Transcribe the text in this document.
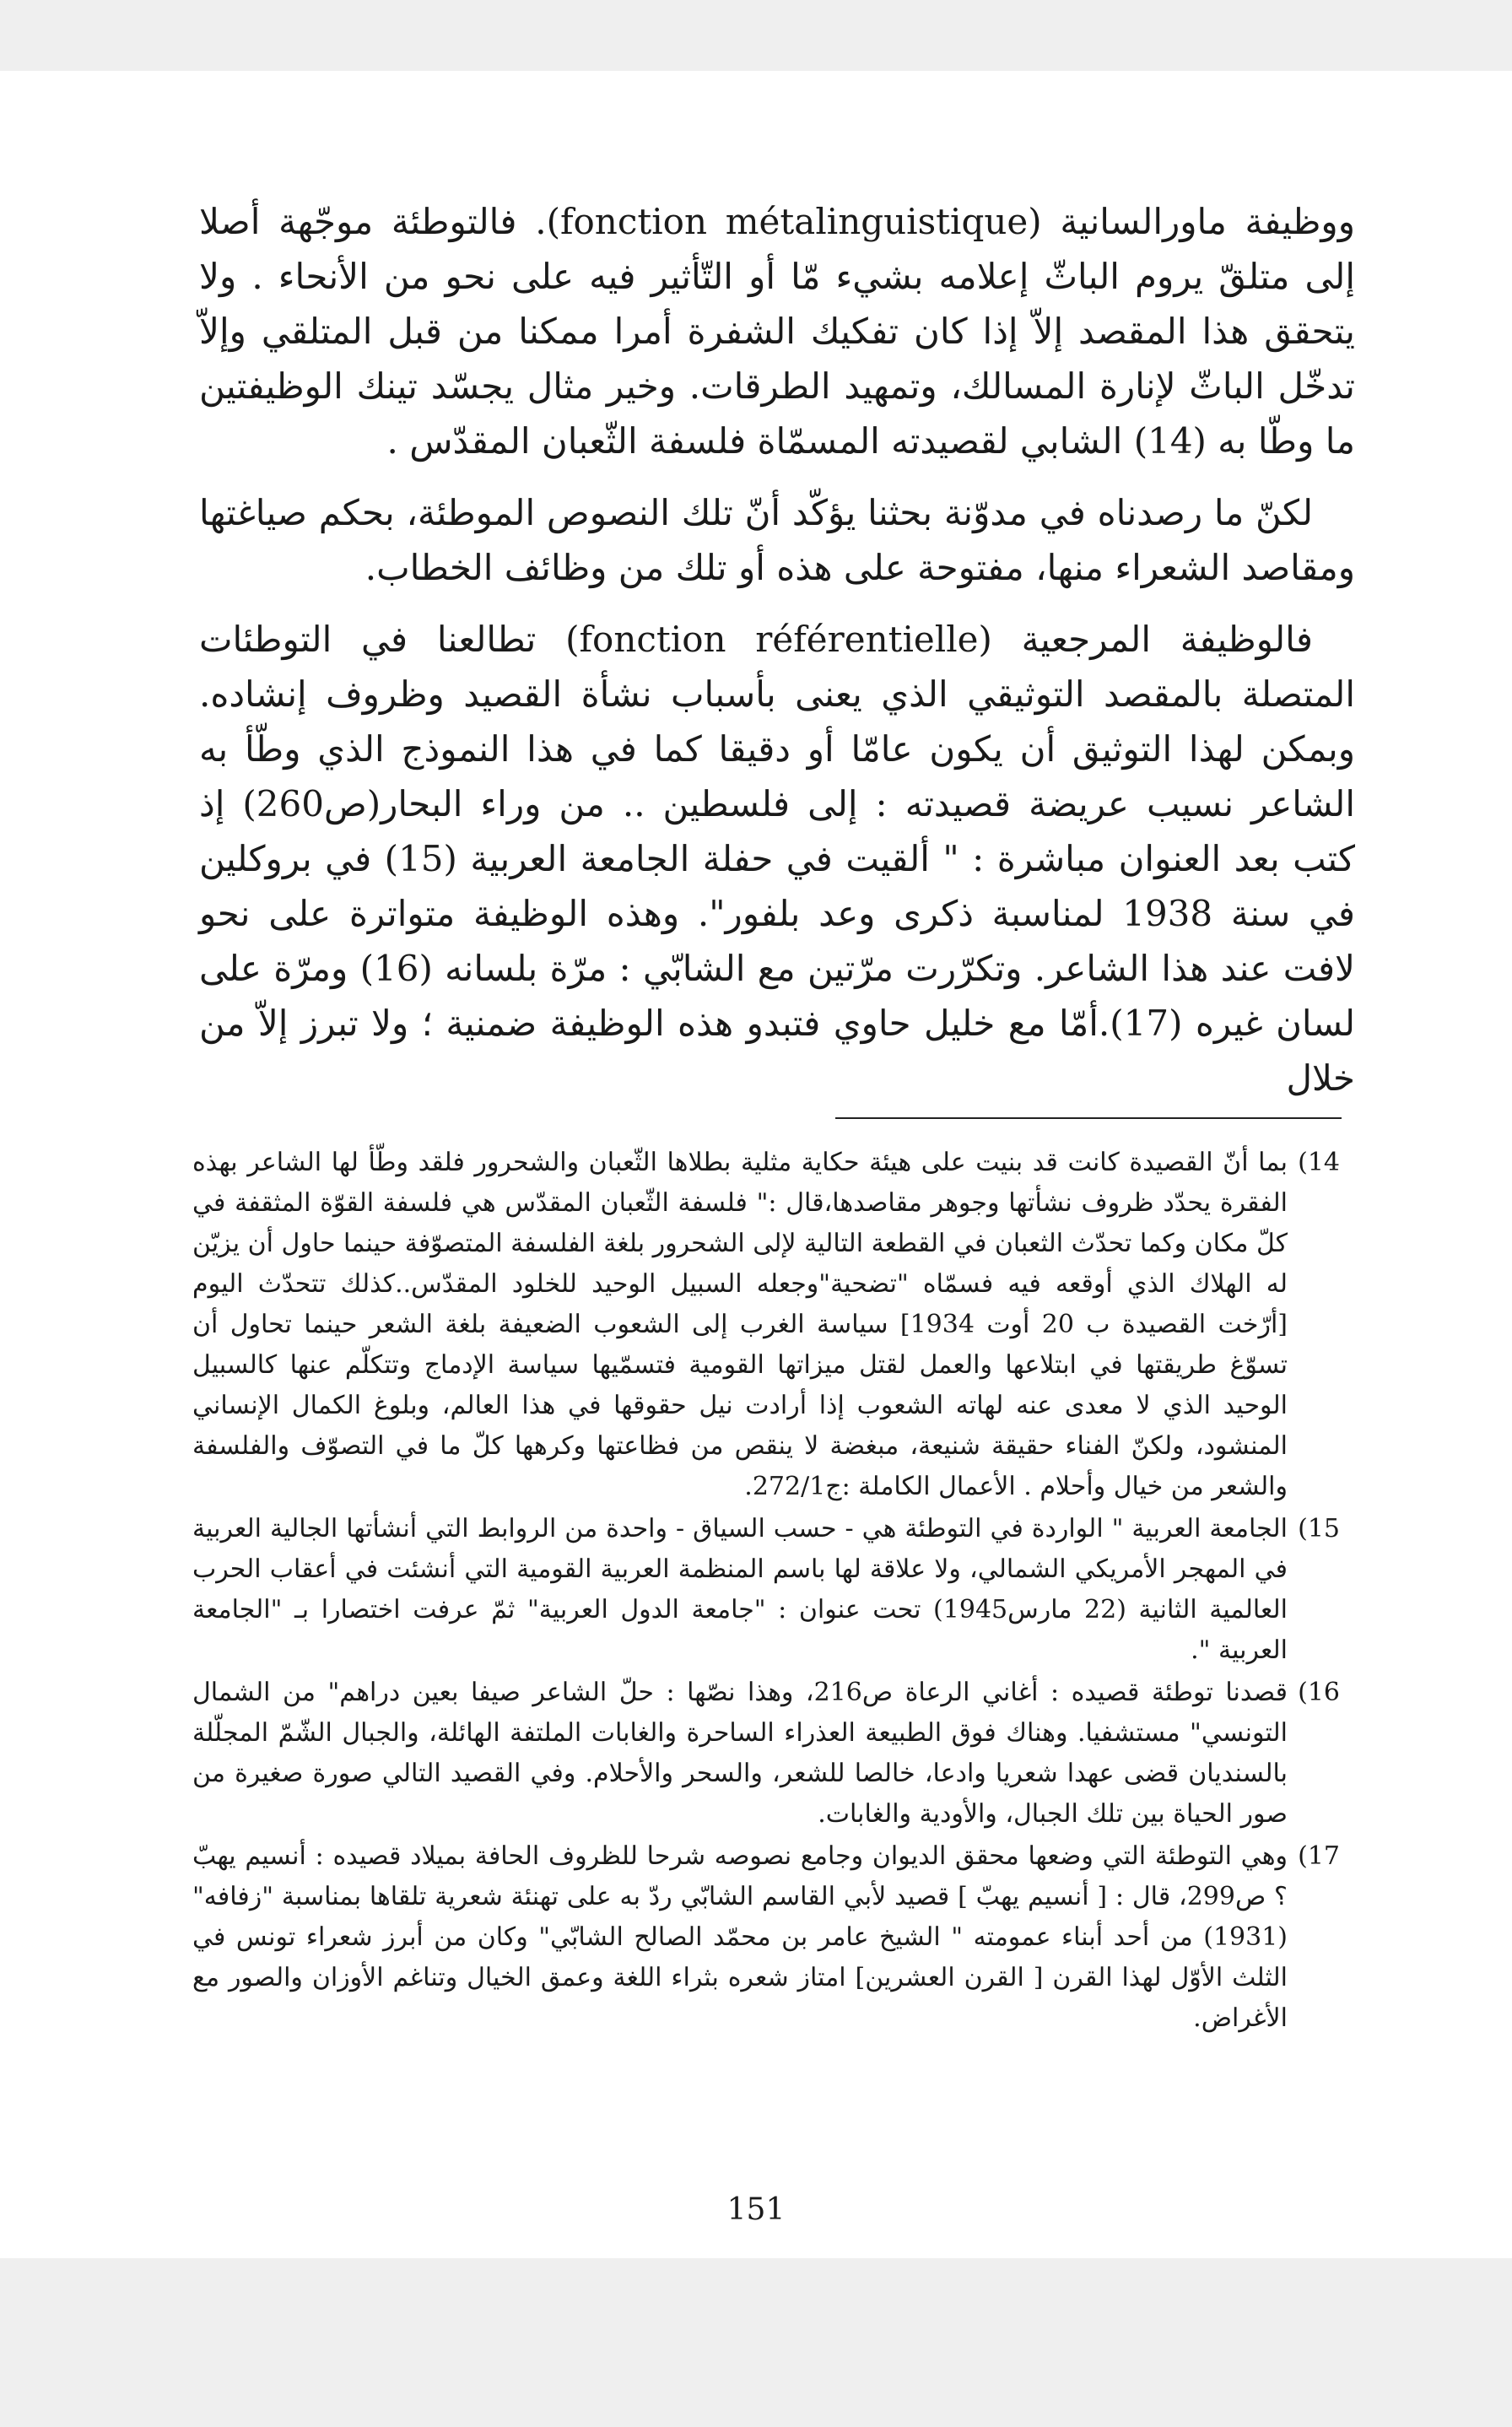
ووظيفة ماورالسانية (fonction métalinguistique). فالتوطئة موجّهة أصلا إلى متلقّ يروم الباثّ إعلامه بشيء مّا أو التّأثير فيه على نحو من الأنحاء . ولا يتحقق هذا المقصد إلاّ إذا كان تفكيك الشفرة أمرا ممكنا من قبل المتلقي وإلاّ تدخّل الباثّ لإنارة المسالك، وتمهيد الطرقات. وخير مثال يجسّد تينك الوظيفتين ما وطّا به (14) الشابي لقصيدته المسمّاة فلسفة الثّعبان المقدّس .

لكنّ ما رصدناه في مدوّنة بحثنا يؤكّد أنّ تلك النصوص الموطئة، بحكم صياغتها ومقاصد الشعراء منها، مفتوحة على هذه أو تلك من وظائف الخطاب.

فالوظيفة المرجعية (fonction référentielle) تطالعنا في التوطئات المتصلة بالمقصد التوثيقي الذي يعنى بأسباب نشأة القصيد وظروف إنشاده. وبمكن لهذا التوثيق أن يكون عامّا أو دقيقا كما في هذا النموذج الذي وطّأ به الشاعر نسيب عريضة قصيدته : إلى فلسطين .. من وراء البحار(ص260) إذ كتب بعد العنوان مباشرة : " ألقيت في حفلة الجامعة العربية (15) في بروكلين في سنة 1938 لمناسبة ذكرى وعد بلفور". وهذه الوظيفة متواترة على نحو لافت عند هذا الشاعر. وتكرّرت مرّتين مع الشابّي : مرّة بلسانه (16) ومرّة على لسان غيره (17).أمّا مع خليل حاوي فتبدو هذه الوظيفة ضمنية ؛ ولا تبرز إلاّ من خلال

14)
بما أنّ القصيدة كانت قد بنيت على هيئة حكاية مثلية بطلاها الثّعبان والشحرور فلقد وطّأ لها الشاعر بهذه الفقرة يحدّد ظروف نشأتها وجوهر مقاصدها،قال :" فلسفة الثّعبان المقدّس هي فلسفة القوّة المثقفة في كلّ مكان وكما تحدّث الثعبان في القطعة التالية لإلى الشحرور بلغة الفلسفة المتصوّفة حينما حاول أن يزيّن له الهلاك الذي أوقعه فيه فسمّاه "تضحية"وجعله السبيل الوحيد للخلود المقدّس..كذلك تتحدّث اليوم [أرّخت القصيدة ب 20 أوت 1934] سياسة الغرب إلى الشعوب الضعيفة بلغة الشعر حينما تحاول أن تسوّغ طريقتها في ابتلاعها والعمل لقتل ميزاتها القومية فتسمّيها سياسة الإدماج وتتكلّم عنها كالسبيل الوحيد الذي لا معدى عنه لهاته الشعوب إذا أرادت نيل حقوقها في هذا العالم، وبلوغ الكمال الإنساني المنشود، ولكنّ الفناء حقيقة شنيعة، مبغضة لا ينقص من فظاعتها وكرهها كلّ ما في التصوّف والفلسفة والشعر من خيال وأحلام . الأعمال الكاملة :ج272/1.
15)
الجامعة العربية " الواردة في التوطئة هي - حسب السياق - واحدة من الروابط التي أنشأتها الجالية العربية في المهجر الأمريكي الشمالي، ولا علاقة لها باسم المنظمة العربية القومية التي أنشئت في أعقاب الحرب العالمية الثانية (22 مارس1945) تحت عنوان : "جامعة الدول العربية" ثمّ عرفت اختصارا بـ "الجامعة العربية ".
16)
قصدنا توطئة قصيده : أغاني الرعاة ص216، وهذا نصّها : حلّ الشاعر صيفا بعين دراهم" من الشمال التونسي" مستشفيا. وهناك فوق الطبيعة العذراء الساحرة والغابات الملتفة الهائلة، والجبال الشّمّ المجلّلة بالسنديان قضى عهدا شعريا وادعا، خالصا للشعر، والسحر والأحلام. وفي القصيد التالي صورة صغيرة من صور الحياة بين تلك الجبال، والأودية والغابات.
17)
وهي التوطئة التي وضعها محقق الديوان وجامع نصوصه شرحا للظروف الحافة بميلاد قصيده : أنسيم يهبّ ؟ ص299، قال : [ أنسيم يهبّ ] قصيد لأبي القاسم الشابّي ردّ به على تهنئة شعرية تلقاها بمناسبة "زفافه" (1931) من أحد أبناء عمومته " الشيخ عامر بن محمّد الصالح الشابّي" وكان من أبرز شعراء تونس في الثلث الأوّل لهذا القرن [ القرن العشرين] امتاز شعره بثراء اللغة وعمق الخيال وتناغم الأوزان والصور مع الأغراض.
151
